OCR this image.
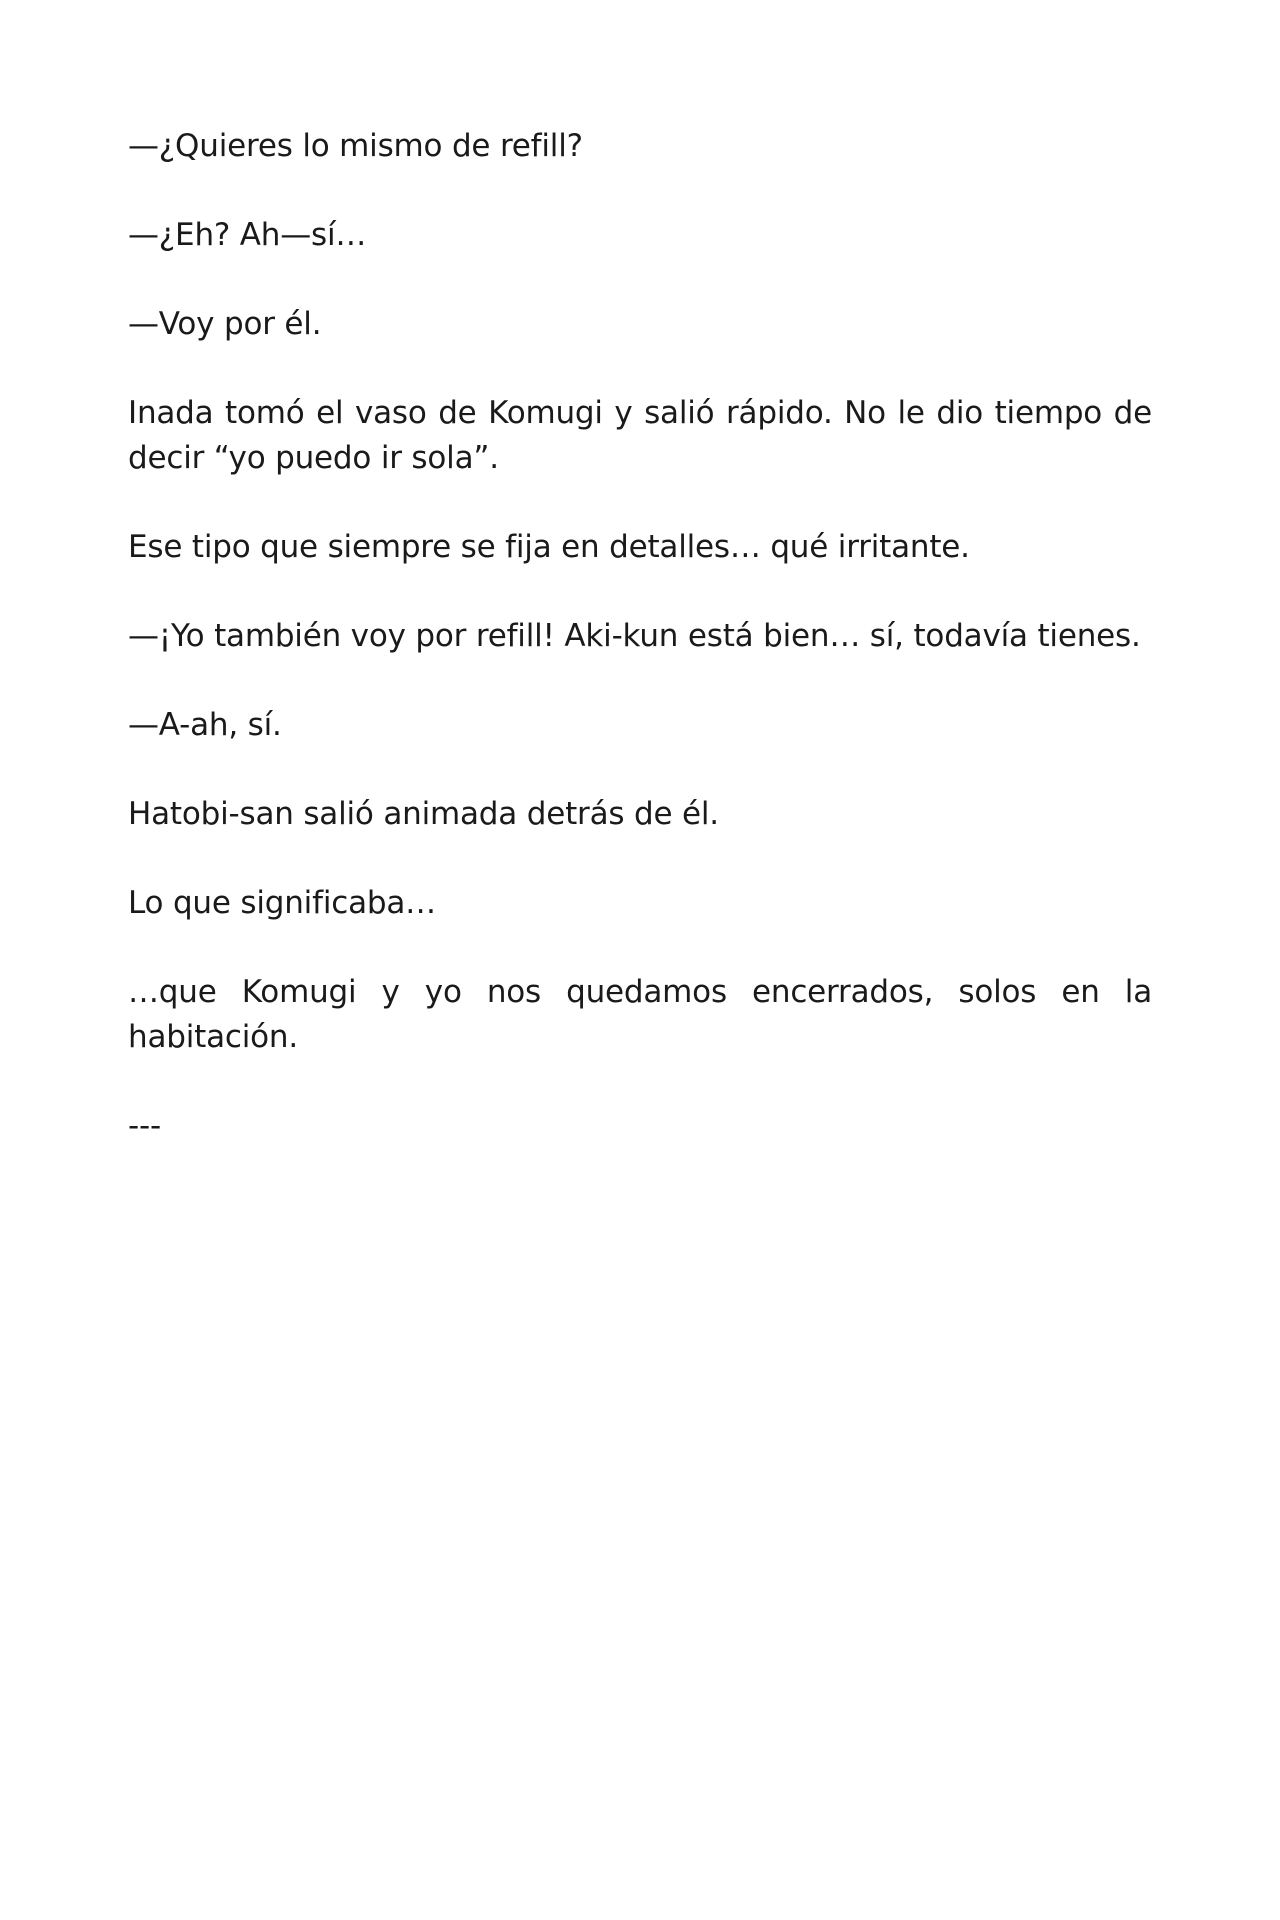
—¿Quieres lo mismo de refill?

—¿Eh? Ah—sí…

—Voy por él.

Inada tomó el vaso de Komugi y salió rápido. No le dio tiempo de decir “yo puedo ir sola”.

Ese tipo que siempre se fija en detalles… qué irritante.

—¡Yo también voy por refill! Aki-kun está bien… sí, todavía tienes.

—A-ah, sí.

Hatobi-san salió animada detrás de él.

Lo que significaba…

…que Komugi y yo nos quedamos encerrados, solos en la habitación.

---
